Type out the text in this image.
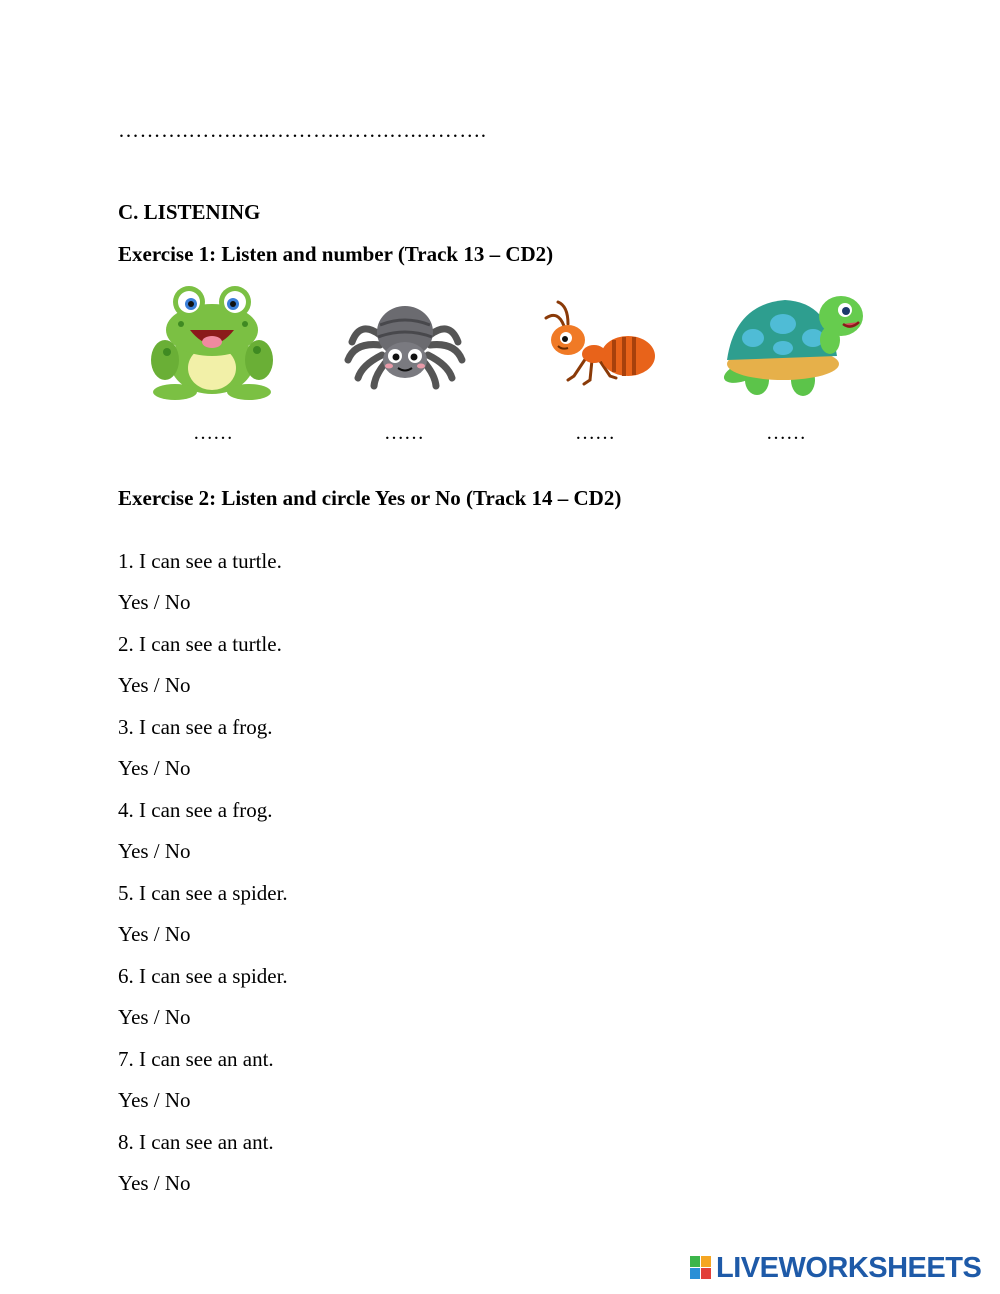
……….…….…..……….…….….……….

C. LISTENING

Exercise 1: Listen and number (Track 13 – CD2)

……	……	……	……

Exercise 2: Listen and circle Yes or No (Track 14 – CD2)

1. I can see a turtle.

Yes / No

2. I can see a turtle.

Yes / No

3. I can see a frog.

Yes / No

4. I can see a frog.

Yes / No

5. I can see a spider.

Yes / No

6. I can see a spider.

Yes / No

7. I can see an ant.

Yes / No

8. I can see an ant.

Yes / No

LIVEWORKSHEETS
